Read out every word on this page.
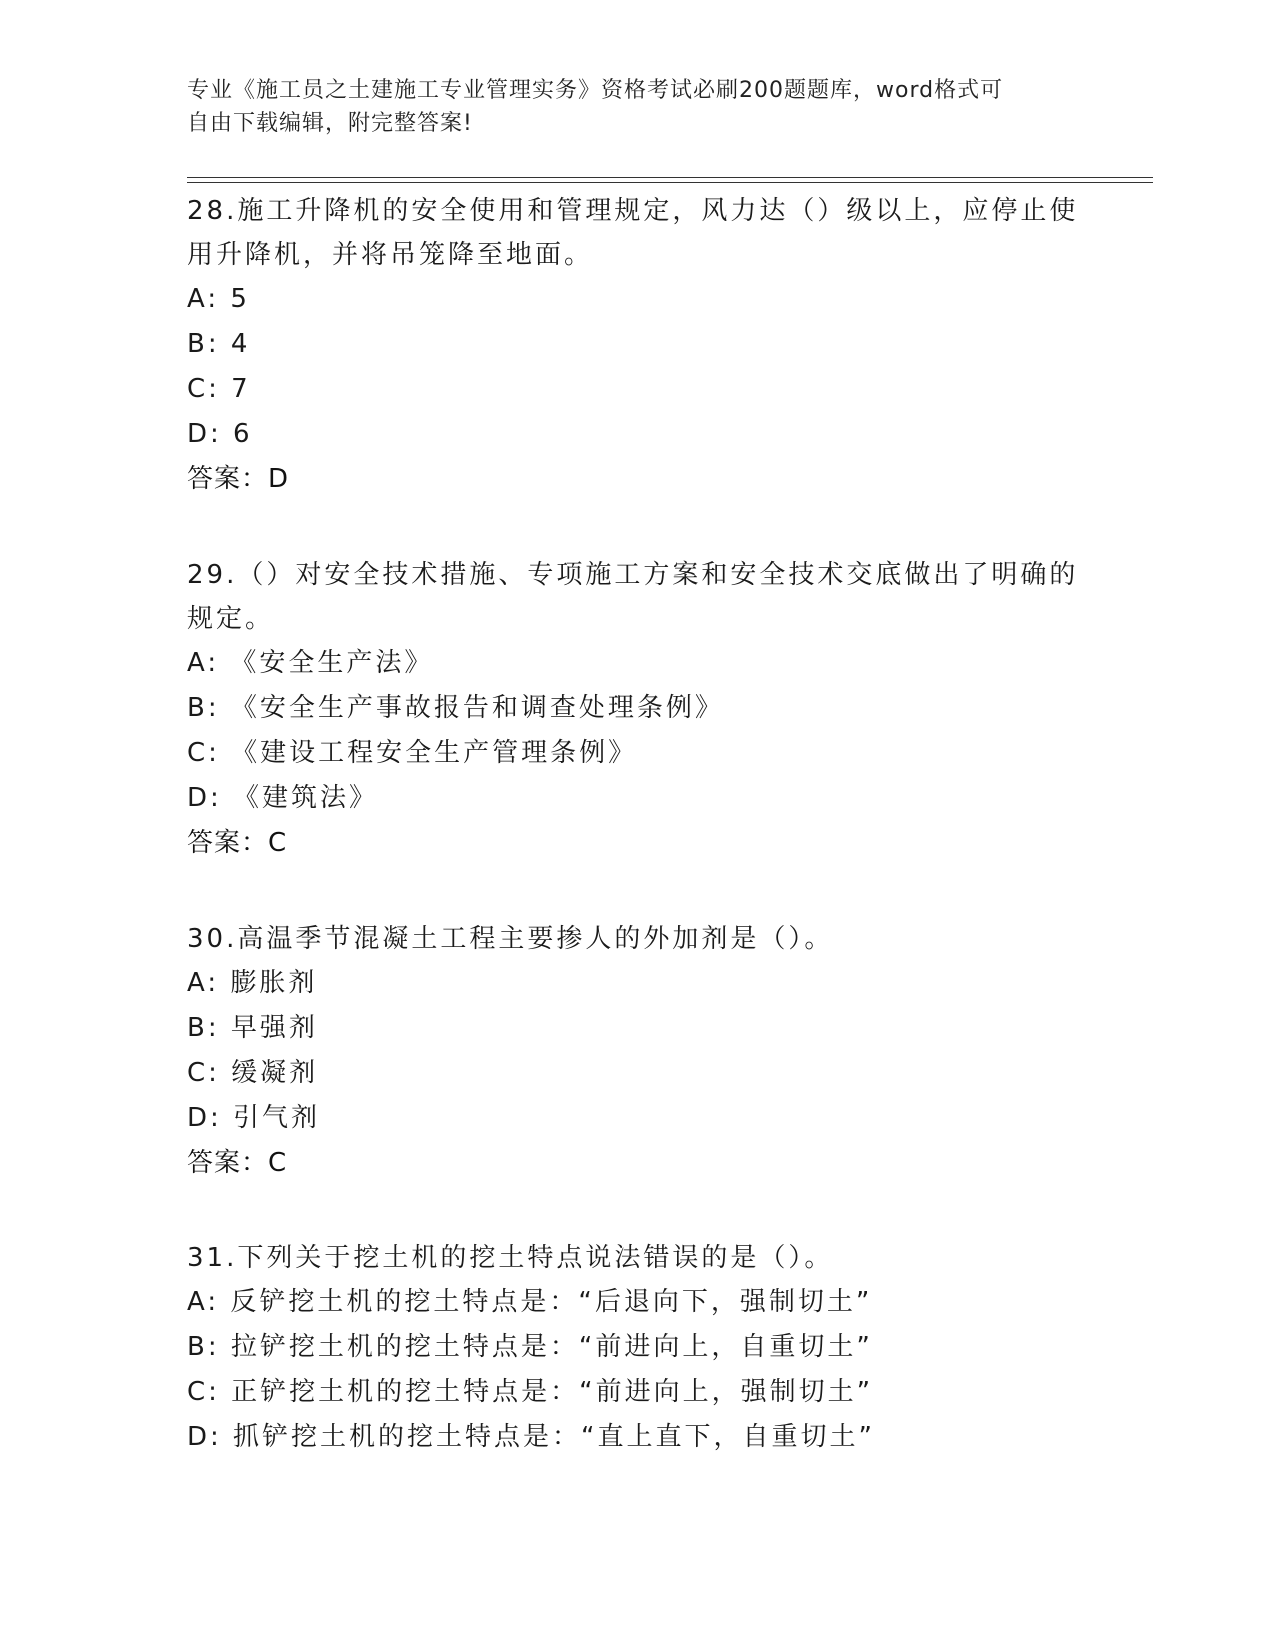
专业《施工员之土建施工专业管理实务》资格考试必刷200题题库，word格式可
自由下载编辑，附完整答案!
28.施工升降机的安全使用和管理规定，风力达（）级以上，应停止使
用升降机，并将吊笼降至地面。
A: 5
B: 4
C: 7
D: 6
答案：D
29.（）对安全技术措施、专项施工方案和安全技术交底做出了明确的
规定。
A: 《安全生产法》
B: 《安全生产事故报告和调查处理条例》
C: 《建设工程安全生产管理条例》
D: 《建筑法》
答案：C
30.高温季节混凝土工程主要掺人的外加剂是（）。
A: 膨胀剂
B: 早强剂
C: 缓凝剂
D: 引气剂
答案：C
31.下列关于挖土机的挖土特点说法错误的是（）。
A: 反铲挖土机的挖土特点是：“后退向下，强制切土”
B: 拉铲挖土机的挖土特点是：“前进向上，自重切土”
C: 正铲挖土机的挖土特点是：“前进向上，强制切土”
D: 抓铲挖土机的挖土特点是：“直上直下，自重切土”
